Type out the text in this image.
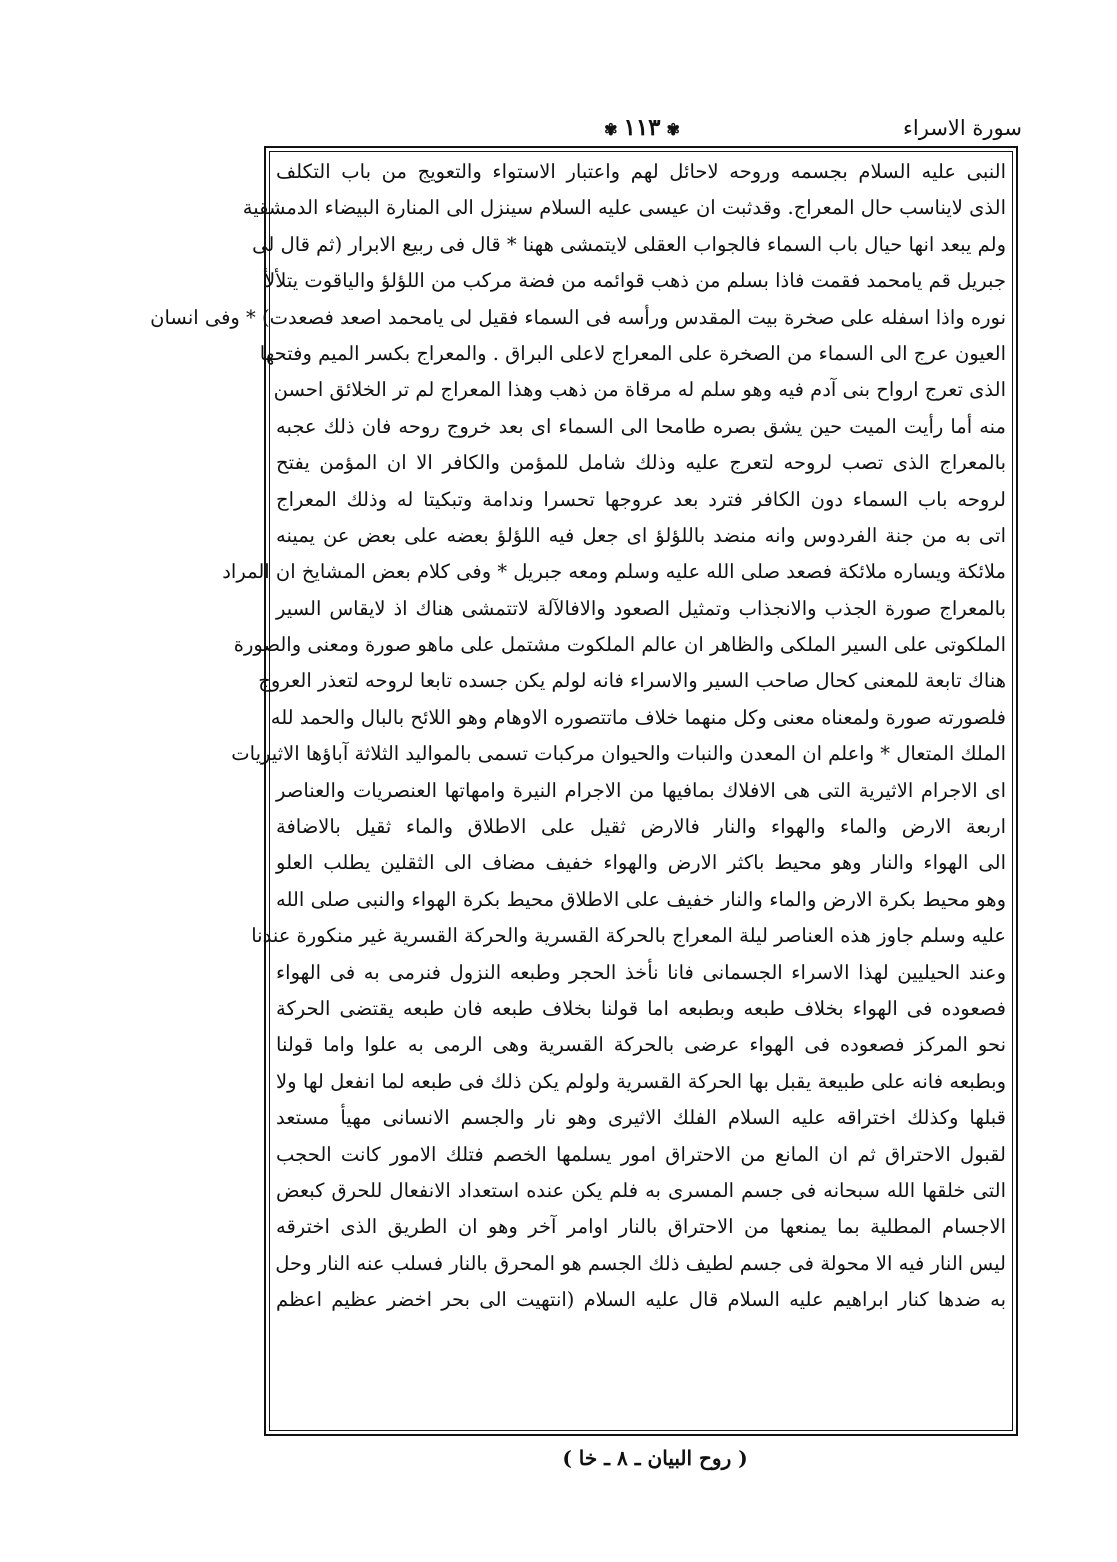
سورة الاسراء
✾١١٣✾
النبى عليه السلام بجسمه وروحه لاحائل لهم واعتبار الاستواء والتعويج من باب التكلف
الذى لايناسب حال المعراج. وقدثبت ان عيسى عليه السلام سينزل الى المنارة البيضاء الدمشقية
ولم يبعد انها حيال باب السماء فالجواب العقلى لايتمشى ههنا * قال فى ربيع الابرار (ثم قال لى
جبريل قم يامحمد فقمت فاذا بسلم من ذهب قوائمه من فضة مركب من اللؤلؤ والياقوت يتلألأ
نوره واذا اسفله على صخرة بيت المقدس ورأسه فى السماء فقيل لى يامحمد اصعد فصعدت) * وفى انسان
العيون عرج الى السماء من الصخرة على المعراج لاعلى البراق . والمعراج بكسر الميم وفتحها
الذى تعرج ارواح بنى آدم فيه وهو سلم له مرقاة من ذهب وهذا المعراج لم تر الخلائق احسن
منه أما رأيت الميت حين يشق بصره طامحا الى السماء اى بعد خروج روحه فان ذلك عجبه
بالمعراج الذى تصب لروحه لتعرج عليه وذلك شامل للمؤمن والكافر الا ان المؤمن يفتح
لروحه باب السماء دون الكافر فترد بعد عروجها تحسرا وندامة وتبكيتا له وذلك المعراج
اتى به من جنة الفردوس وانه منضد باللؤلؤ اى جعل فيه اللؤلؤ بعضه على بعض عن يمينه
ملائكة ويساره ملائكة فصعد صلى الله عليه وسلم ومعه جبريل * وفى كلام بعض المشايخ ان المراد
بالمعراج صورة الجذب والانجذاب وتمثيل الصعود والافالآلة لاتتمشى هناك اذ لايقاس السير
الملكوتى على السير الملكى والظاهر ان عالم الملكوت مشتمل على ماهو صورة ومعنى والصورة
هناك تابعة للمعنى كحال صاحب السير والاسراء فانه لولم يكن جسده تابعا لروحه لتعذر العروج
فلصورته صورة ولمعناه معنى وكل منهما خلاف ماتتصوره الاوهام وهو اللائح بالبال والحمد لله
الملك المتعال * واعلم ان المعدن والنبات والحيوان مركبات تسمى بالمواليد الثلاثة آباؤها الاثيريات
اى الاجرام الاثيرية التى هى الافلاك بمافيها من الاجرام النيرة وامهاتها العنصريات والعناصر
اربعة الارض والماء والهواء والنار فالارض ثقيل على الاطلاق والماء ثقيل بالاضافة
الى الهواء والنار وهو محيط باكثر الارض والهواء خفيف مضاف الى الثقلين يطلب العلو
وهو محيط بكرة الارض والماء والنار خفيف على الاطلاق محيط بكرة الهواء والنبى صلى الله
عليه وسلم جاوز هذه العناصر ليلة المعراج بالحركة القسرية والحركة القسرية غير منكورة عندنا
وعند الحيليين لهذا الاسراء الجسمانى فانا نأخذ الحجر وطبعه النزول فنرمى به فى الهواء
فصعوده فى الهواء بخلاف طبعه وبطبعه اما قولنا بخلاف طبعه فان طبعه يقتضى الحركة
نحو المركز فصعوده فى الهواء عرضى بالحركة القسرية وهى الرمى به علوا واما قولنا
وبطبعه فانه على طبيعة يقبل بها الحركة القسرية ولولم يكن ذلك فى طبعه لما انفعل لها ولا
قبلها وكذلك اختراقه عليه السلام الفلك الاثيرى وهو نار والجسم الانسانى مهيأ مستعد
لقبول الاحتراق ثم ان المانع من الاحتراق امور يسلمها الخصم فتلك الامور كانت الحجب
التى خلقها الله سبحانه فى جسم المسرى به فلم يكن عنده استعداد الانفعال للحرق كبعض
الاجسام المطلية بما يمنعها من الاحتراق بالنار اوامر آخر وهو ان الطريق الذى اخترقه
ليس النار فيه الا محولة فى جسم لطيف ذلك الجسم هو المحرق بالنار فسلب عنه النار وحل
به ضدها كنار ابراهيم عليه السلام قال عليه السلام (انتهيت الى بحر اخضر عظيم اعظم
( روح البيان ـ ٨ ـ خا )
